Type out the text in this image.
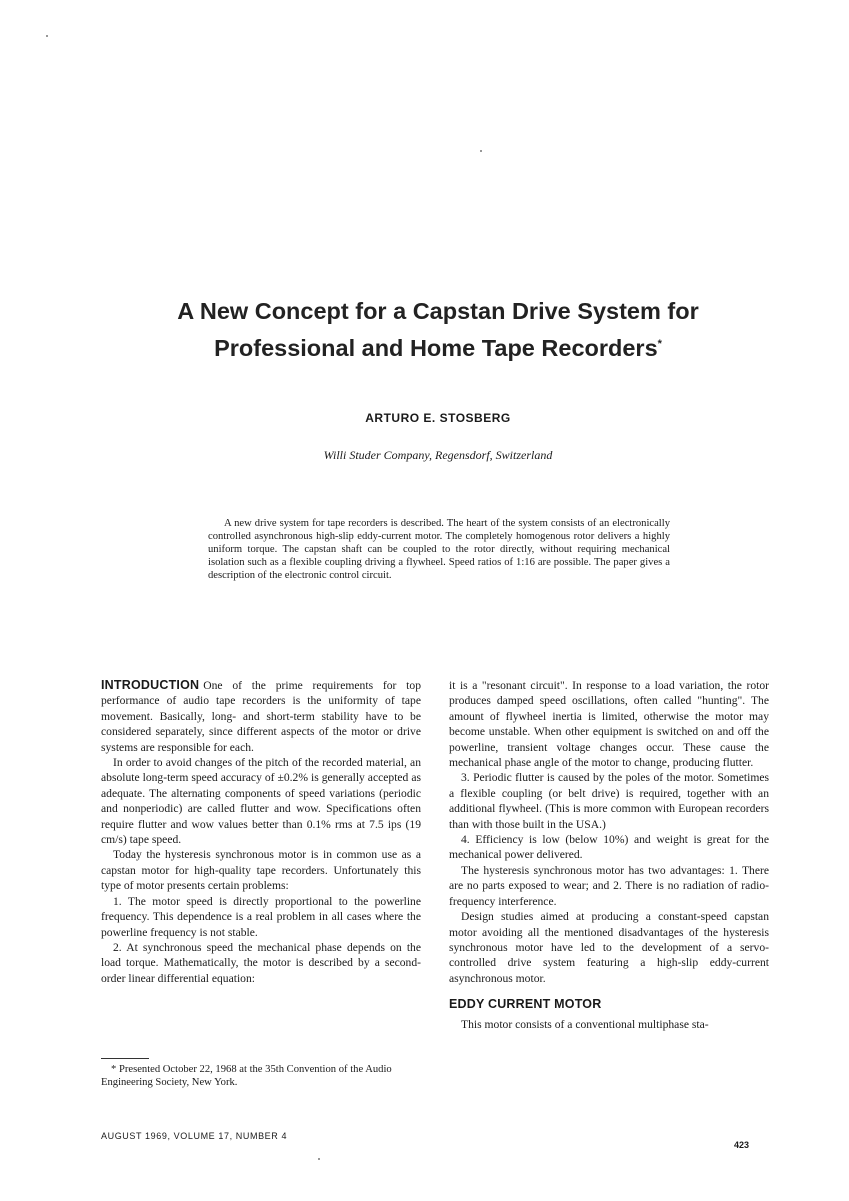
A New Concept for a Capstan Drive System for
Professional and Home Tape Recorders*
ARTURO E. STOSBERG
Willi Studer Company, Regensdorf, Switzerland
A new drive system for tape recorders is described. The heart of the system consists of an electronically controlled asynchronous high-slip eddy-current motor. The completely homogenous rotor delivers a highly uniform torque. The capstan shaft can be coupled to the rotor directly, without requiring mechanical isolation such as a flexible coupling driving a flywheel. Speed ratios of 1:16 are possible. The paper gives a description of the electronic control circuit.

INTRODUCTION One of the prime requirements for top performance of audio tape recorders is the uniformity of tape movement. Basically, long- and short-term stability have to be considered separately, since different aspects of the motor or drive systems are responsible for each.

In order to avoid changes of the pitch of the recorded material, an absolute long-term speed accuracy of ±0.2% is generally accepted as adequate. The alternating components of speed variations (periodic and nonperiodic) are called flutter and wow. Specifications often require flutter and wow values better than 0.1% rms at 7.5 ips (19 cm/s) tape speed.

Today the hysteresis synchronous motor is in common use as a capstan motor for high-quality tape recorders. Unfortunately this type of motor presents certain problems:

1. The motor speed is directly proportional to the powerline frequency. This dependence is a real problem in all cases where the powerline frequency is not stable.

2. At synchronous speed the mechanical phase depends on the load torque. Mathematically, the motor is described by a second-order linear differential equation:

it is a "resonant circuit". In response to a load variation, the rotor produces damped speed oscillations, often called "hunting". The amount of flywheel inertia is limited, otherwise the motor may become unstable. When other equipment is switched on and off the powerline, transient voltage changes occur. These cause the mechanical phase angle of the motor to change, producing flutter.

3. Periodic flutter is caused by the poles of the motor. Sometimes a flexible coupling (or belt drive) is required, together with an additional flywheel. (This is more common with European recorders than with those built in the USA.)

4. Efficiency is low (below 10%) and weight is great for the mechanical power delivered.

The hysteresis synchronous motor has two advantages: 1. There are no parts exposed to wear; and 2. There is no radiation of radio-frequency interference.

Design studies aimed at producing a constant-speed capstan motor avoiding all the mentioned disadvantages of the hysteresis synchronous motor have led to the development of a servo-controlled drive system featuring a high-slip eddy-current asynchronous motor.

EDDY CURRENT MOTOR

This motor consists of a conventional multiphase sta-

* Presented October 22, 1968 at the 35th Convention of the Audio Engineering Society, New York.
AUGUST 1969, VOLUME 17, NUMBER 4
423
